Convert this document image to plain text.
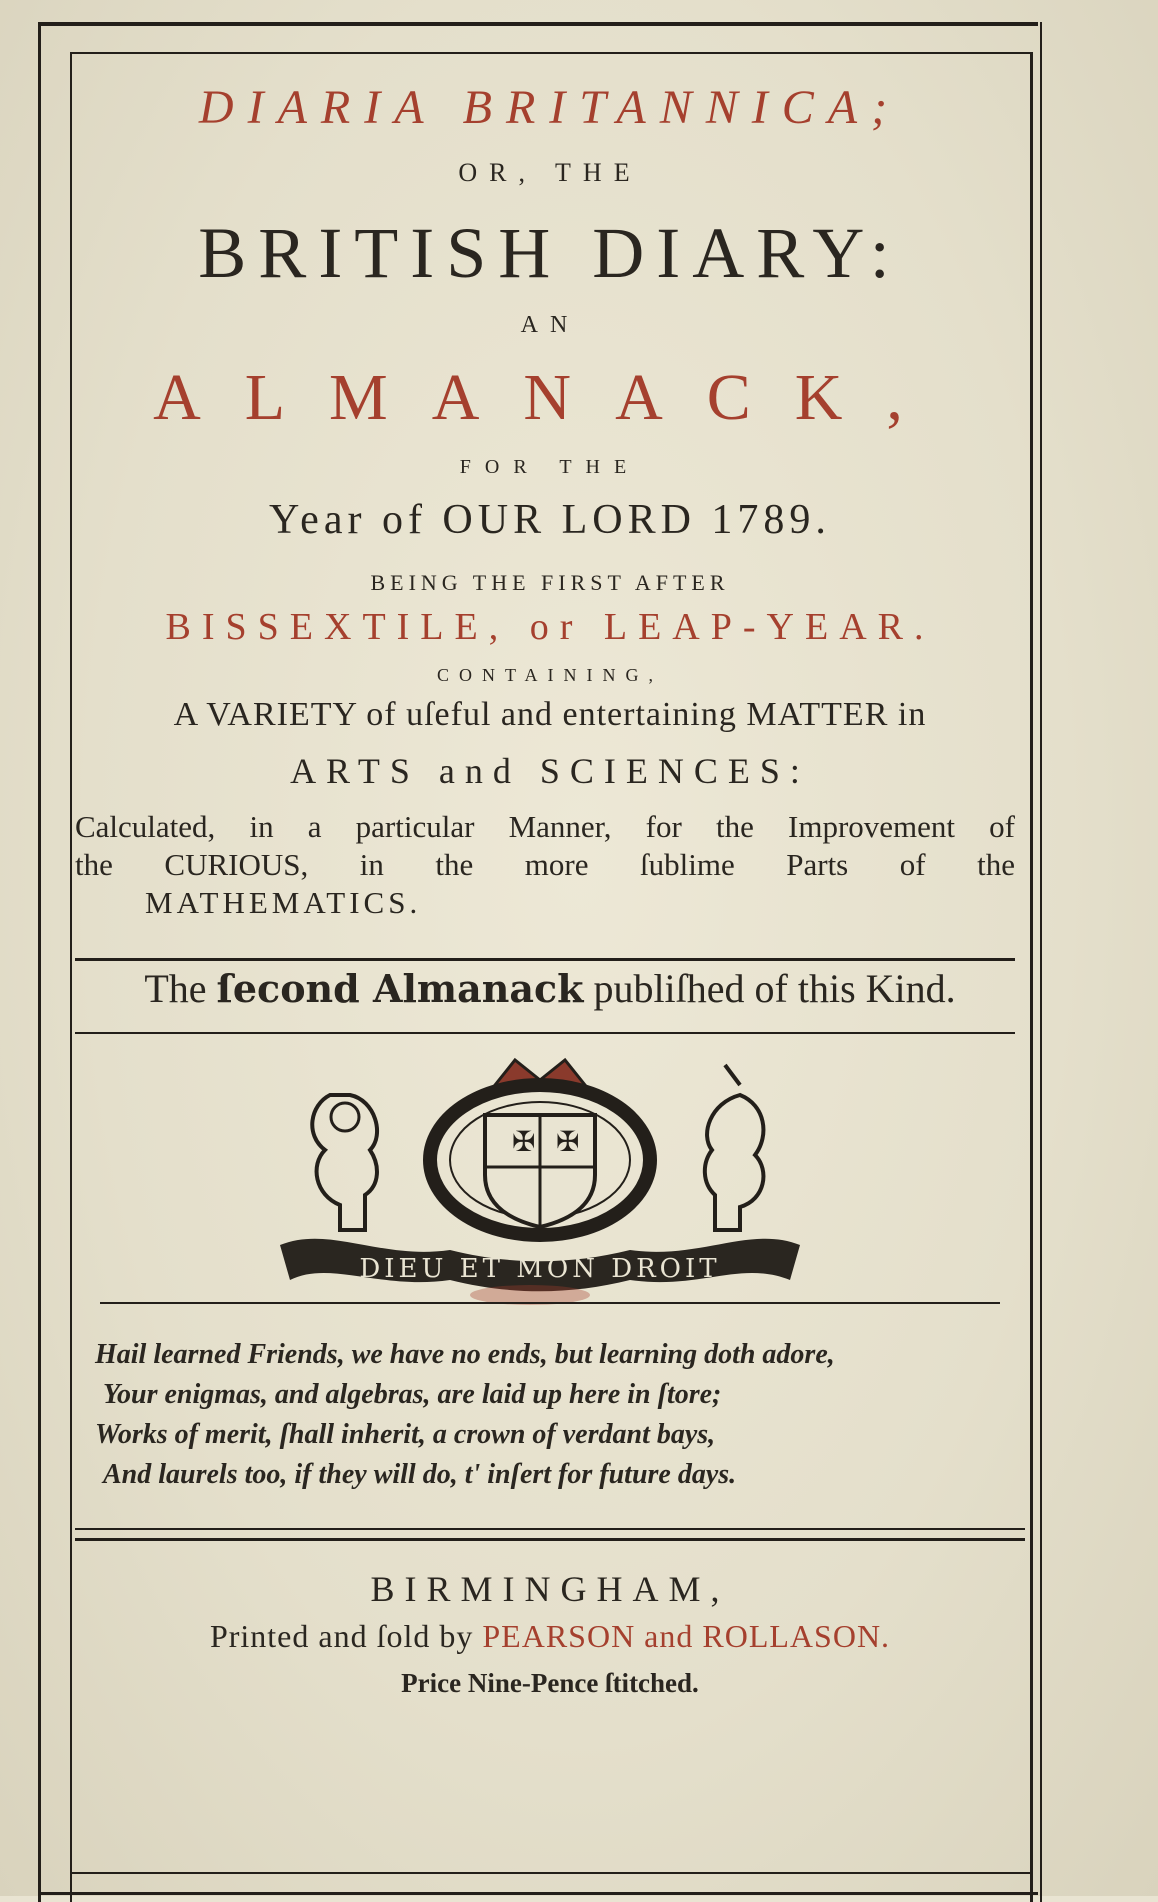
DIARIA BRITANNICA;
OR, THE
BRITISH DIARY:
AN
ALMANACK,
FOR THE
Year of OUR LORD 1789.
BEING THE FIRST AFTER
BISSEXTILE, or LEAP-YEAR.
CONTAINING,
A VARIETY of uſeful and entertaining MATTER in
ARTS and SCIENCES:
Calculated, in a particular Manner, for the Improvement of
the CURIOUS, in the more ſublime Parts of the
MATHEMATICS.
The ſecond Almanack publiſhed of this Kind.
✠ ✠
DIEU ET MON DROIT
Hail learned Friends, we have no ends, but learning doth adore,
Your enigmas, and algebras, are laid up here in ſtore;
Works of merit, ſhall inherit, a crown of verdant bays,
And laurels too, if they will do, t' inſert for future days.
BIRMINGHAM,
Printed and ſold by PEARSON and ROLLASON.
Price Nine-Pence ſtitched.
